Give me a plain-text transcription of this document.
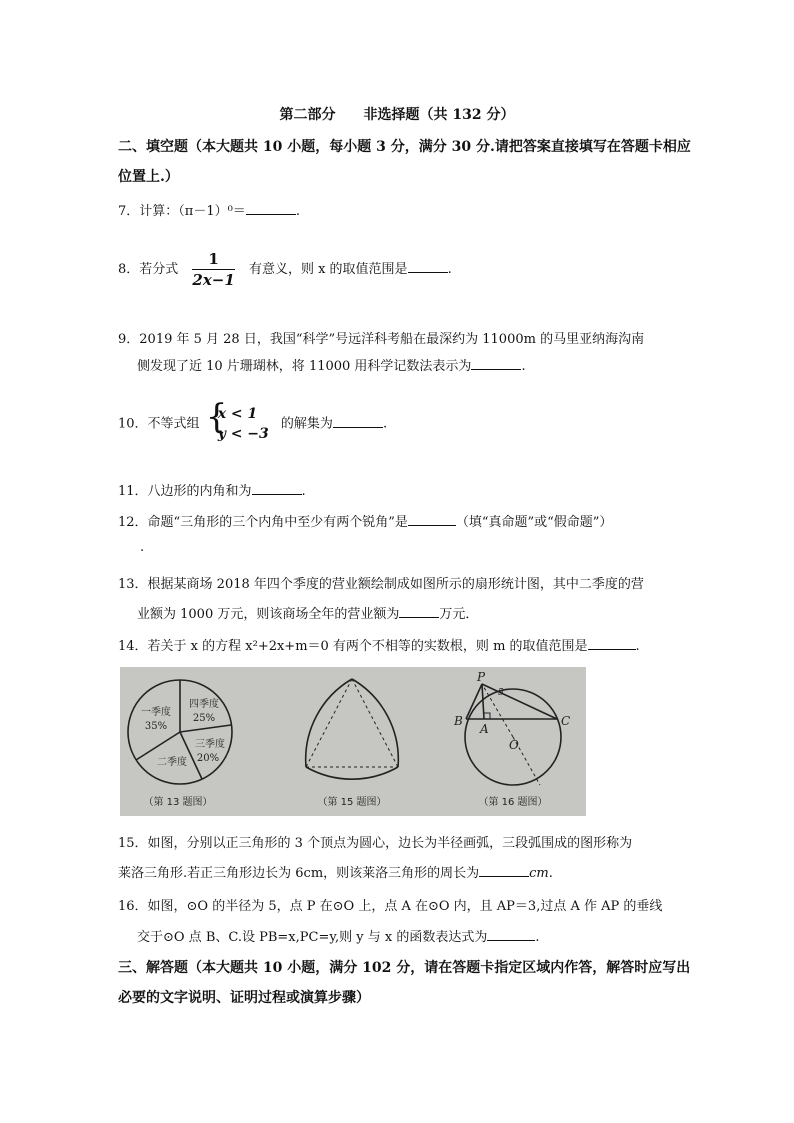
第二部分　　非选择题（共 132 分）
二、填空题（本大题共 10 小题，每小题 3 分，满分 30 分.请把答案直接填写在答题卡相应
位置上.）
7．计算：（π－1）⁰＝	.
8．若分式 $\frac{1}{2x-1}$ 有意义，则 x 的取值范围是	.
9．2019 年 5 月 28 日，我国“科学”号远洋科考船在最深约为 11000m 的马里亚纳海沟南
侧发现了近 10 片珊瑚林，将 11000 用科学记数法表示为	.
10．不等式组 {
x < 1
y < −3
的解集为	.
11．八边形的内角和为	.
12．命题“三角形的三个内角中至少有两个锐角”是	（填“真命题”或“假命题”）
.
13．根据某商场 2018 年四个季度的营业额绘制成如图所示的扇形统计图，其中二季度的营
业额为 1000 万元，则该商场全年的营业额为	万元．
14．若关于 x 的方程 x²+2x+m＝0 有两个不相等的实数根，则 m 的取值范围是	.
一季度
35%
四季度
25%
三季度
20%
二季度
（第 13 题图）	（第 15 题图）
P
B
A
O
C
5
（第 16 题图）
15．如图，分别以正三角形的 3 个顶点为圆心，边长为半径画弧，三段弧围成的图形称为
莱洛三角形.若正三角形边长为 6cm，则该莱洛三角形的周长为	cm.
16．如图，⊙O 的半径为 5，点 P 在⊙O 上，点 A 在⊙O 内，且 AP＝3,过点 A 作 AP 的垂线
交于⊙O 点 B、C.设 PB=x,PC=y,则 y 与 x 的函数表达式为	.
三、解答题（本大题共 10 小题，满分 102 分，请在答题卡指定区域内作答，解答时应写出
必要的文字说明、证明过程或演算步骤）
